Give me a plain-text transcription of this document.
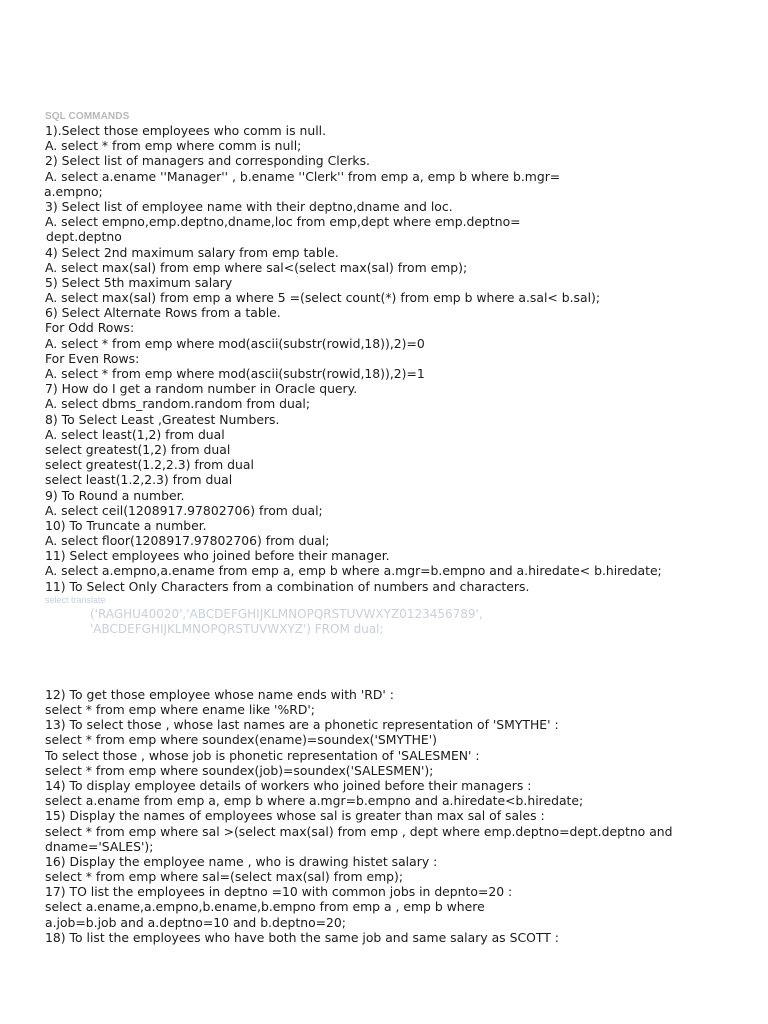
SQL COMMANDS
1).Select those employees who comm is null.
A. select * from emp where comm is null;
2) Select list of managers and corresponding Clerks.
A. select a.ename ''Manager'' , b.ename ''Clerk'' from emp a, emp b where b.mgr=
a.empno;
3) Select list of employee name with their deptno,dname and loc.
A. select empno,emp.deptno,dname,loc from emp,dept where emp.deptno=
dept.deptno
4) Select 2nd maximum salary from emp table.
A. select max(sal) from emp where sal<(select max(sal) from emp);
5) Select 5th maximum salary
A. select max(sal) from emp a where 5 =(select count(*) from emp b where a.sal< b.sal);
6) Select Alternate Rows from a table.
For Odd Rows:
A. select * from emp where mod(ascii(substr(rowid,18)),2)=0
For Even Rows:
A. select * from emp where mod(ascii(substr(rowid,18)),2)=1
7) How do I get a random number in Oracle query.
A. select dbms_random.random from dual;
8) To Select Least ,Greatest Numbers.
A. select least(1,2) from dual
select greatest(1,2) from dual
select greatest(1.2,2.3) from dual
select least(1.2,2.3) from dual
9) To Round a number.
A. select ceil(1208917.97802706) from dual;
10) To Truncate a number.
A. select floor(1208917.97802706) from dual;
11) Select employees who joined before their manager.
A. select a.empno,a.ename from emp a, emp b where a.mgr=b.empno and a.hiredate< b.hiredate;
11) To Select Only Characters from a combination of numbers and characters.
select translate
('RAGHU40020','ABCDEFGHIJKLMNOPQRSTUVWXYZ0123456789',
'ABCDEFGHIJKLMNOPQRSTUVWXYZ') FROM dual;
12) To get those employee whose name ends with 'RD' :
select * from emp where ename like '%RD';
13) To select those , whose last names are a phonetic representation of 'SMYTHE' :
select * from emp where soundex(ename)=soundex('SMYTHE')
To select those , whose job is phonetic representation of 'SALESMEN' :
select * from emp where soundex(job)=soundex('SALESMEN');
14) To display employee details of workers who joined before their managers :
select a.ename from emp a, emp b where a.mgr=b.empno and a.hiredate<b.hiredate;
15) Display the names of employees whose sal is greater than max sal of sales :
select * from emp where sal >(select max(sal) from emp , dept where emp.deptno=dept.deptno and
dname='SALES');
16) Display the employee name , who is drawing histet salary :
select * from emp where sal=(select max(sal) from emp);
17) TO list the employees in deptno =10 with common jobs in depnto=20 :
select a.ename,a.empno,b.ename,b.empno from emp a , emp b where
a.job=b.job and a.deptno=10 and b.deptno=20;
18) To list the employees who have both the same job and same salary as SCOTT :
